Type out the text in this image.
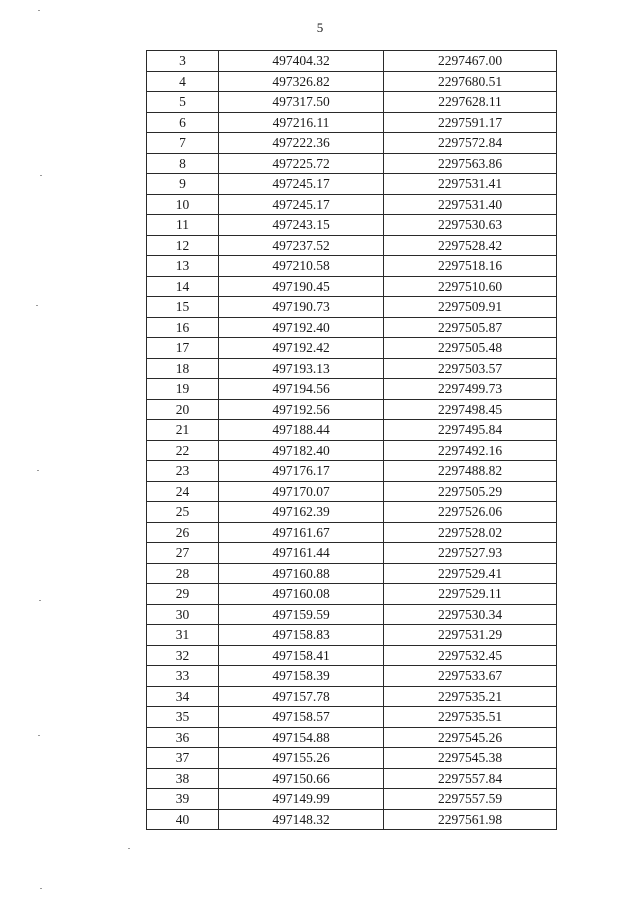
5
3	497404.32	2297467.00
4	497326.82	2297680.51
5	497317.50	2297628.11
6	497216.11	2297591.17
7	497222.36	2297572.84
8	497225.72	2297563.86
9	497245.17	2297531.41
10	497245.17	2297531.40
11	497243.15	2297530.63
12	497237.52	2297528.42
13	497210.58	2297518.16
14	497190.45	2297510.60
15	497190.73	2297509.91
16	497192.40	2297505.87
17	497192.42	2297505.48
18	497193.13	2297503.57
19	497194.56	2297499.73
20	497192.56	2297498.45
21	497188.44	2297495.84
22	497182.40	2297492.16
23	497176.17	2297488.82
24	497170.07	2297505.29
25	497162.39	2297526.06
26	497161.67	2297528.02
27	497161.44	2297527.93
28	497160.88	2297529.41
29	497160.08	2297529.11
30	497159.59	2297530.34
31	497158.83	2297531.29
32	497158.41	2297532.45
33	497158.39	2297533.67
34	497157.78	2297535.21
35	497158.57	2297535.51
36	497154.88	2297545.26
37	497155.26	2297545.38
38	497150.66	2297557.84
39	497149.99	2297557.59
40	497148.32	2297561.98
